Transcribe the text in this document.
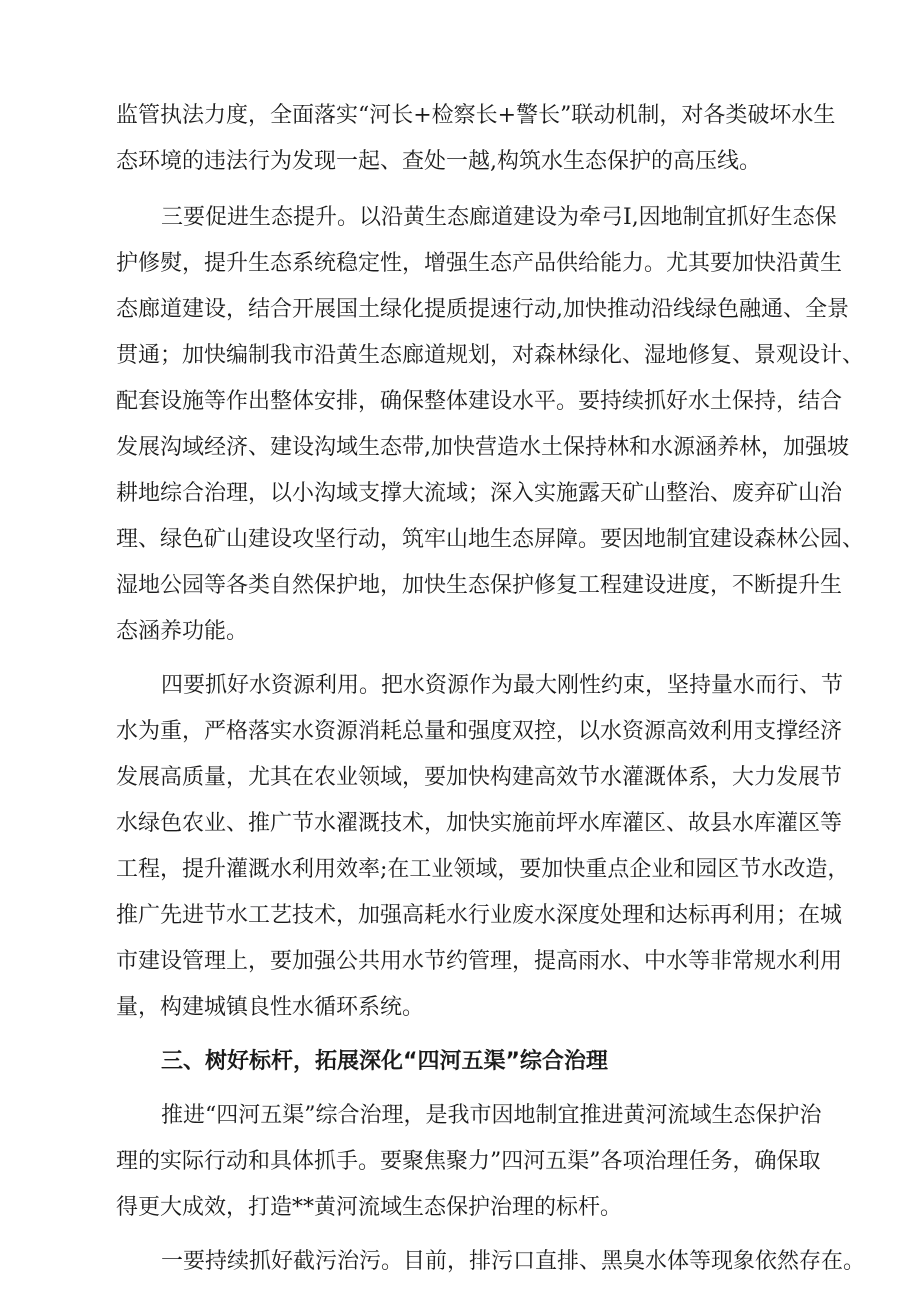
监管执法力度，全面落实“河长+检察长+警长”联动机制，对各类破坏水生
态环境的违法行为发现一起、查处一越,构筑水生态保护的高压线。
三要促进生态提升。以沿黄生态廊道建设为牵弓I,因地制宜抓好生态保
护修熨，提升生态系统稳定性，增强生态产品供给能力。尤其要加快沿黄生
态廊道建设，结合开展国土绿化提质提速行动,加快推动沿线绿色融通、全景
贯通；加快编制我市沿黄生态廊道规划，对森林绿化、湿地修复、景观设计、
配套设施等作出整体安排，确保整体建设水平。要持续抓好水土保持，结合
发展沟域经济、建设沟域生态带,加快营造水土保持林和水源涵养林，加强坡
耕地综合治理，以小沟域支撑大流域；深入实施露天矿山整治、废弃矿山治
理、绿色矿山建设攻坚行动，筑牢山地生态屏障。要因地制宜建设森林公园、
湿地公园等各类自然保护地，加快生态保护修复工程建设进度，不断提升生
态涵养功能。
四要抓好水资源利用。把水资源作为最大刚性约束，坚持量水而行、节
水为重，严格落实水资源消耗总量和强度双控，以水资源高效利用支撑经济
发展高质量，尤其在农业领域，要加快构建高效节水灌溉体系，大力发展节
水绿色农业、推广节水濯溉技术，加快实施前坪水库灌区、故县水库灌区等
工程，提升灌溉水利用效率;在工业领域，要加快重点企业和园区节水改造，
推广先进节水工艺技术，加强高耗水行业废水深度处理和达标再利用；在城
市建设管理上，要加强公共用水节约管理，提高雨水、中水等非常规水利用
量，构建城镇良性水循环系统。
三、树好标杆，拓展深化“四河五渠”综合治理
推进“四河五渠”综合治理，是我市因地制宜推进黄河流域生态保护治
理的实际行动和具体抓手。要聚焦聚力”四河五渠”各项治理任务，确保取
得更大成效，打造**黄河流域生态保护治理的标杆。
一要持续抓好截污治污。目前，排污口直排、黑臭水体等现象依然存在。
